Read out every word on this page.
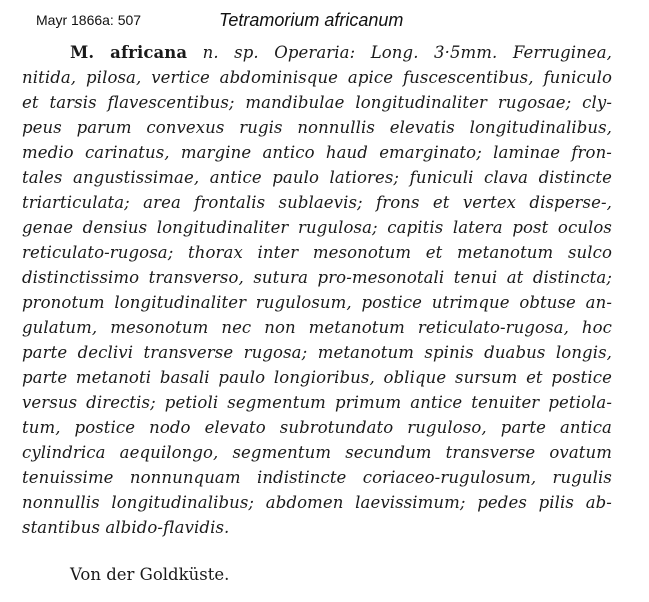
Mayr 1866a: 507	Tetramorium africanum
M. africana n. sp. Operaria: Long. 3·5mm. Ferruginea,
nitida, pilosa, vertice abdominisque apice fuscescentibus, funiculo
et tarsis flavescentibus; mandibulae longitudinaliter rugosae; cly-
peus parum convexus rugis nonnullis elevatis longitudinalibus,
medio carinatus, margine antico haud emarginato; laminae fron-
tales angustissimae, antice paulo latiores; funiculi clava distincte
triarticulata; area frontalis sublaevis; frons et vertex disperse-,
genae densius longitudinaliter rugulosa; capitis latera post oculos
reticulato-rugosa; thorax inter mesonotum et metanotum sulco
distinctissimo transverso, sutura pro-mesonotali tenui at distincta;
pronotum longitudinaliter rugulosum, postice utrimque obtuse an-
gulatum, mesonotum nec non metanotum reticulato-rugosa, hoc
parte declivi transverse rugosa; metanotum spinis duabus longis,
parte metanoti basali paulo longioribus, oblique sursum et postice
versus directis; petioli segmentum primum antice tenuiter petiola-
tum, postice nodo elevato subrotundato ruguloso, parte antica
cylindrica aequilongo, segmentum secundum transverse ovatum
tenuissime nonnunquam indistincte coriaceo-rugulosum, rugulis
nonnullis longitudinalibus; abdomen laevissimum; pedes pilis ab-
stantibus albido-flavidis.
Von der Goldküste.
